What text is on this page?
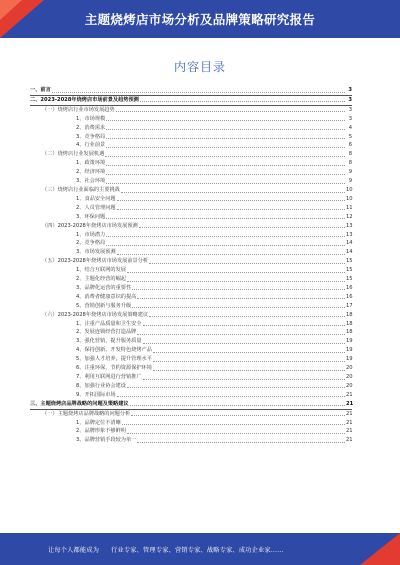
主题烧烤店市场分析及品牌策略研究报告
内容目录
一、前言	3
二、2023-2028年烧烤店市场前景及趋势预测	3
（一）烧烤店行业市场发展趋势	3
1、市场规模	3
2、消费需求	4
3、竞争格局	5
4、行业前景	6
（二）烧烤店行业发展机遇	8
1、政策环境	8
2、经济环境	9
3、社会环境	9
（三）烧烤店行业面临的主要挑战	10
1、食品安全问题	10
2、人员管理问题	11
3、环保问题	12
（四）2023-2028年烧烤店市场发展预测	13
1、市场潜力	13
2、竞争格局	14
3、市场发展预测	14
（五）2023-2028年烧烤店市场发展前景分析	15
1、结合互联网的发展	15
2、主题化经营的崛起	15
3、品牌化运营的重要性	16
4、消费者健康意识的提高	16
5、营销创新与服务升级	17
（六）2023-2028年烧烤店市场发展策略建议	18
1、注重产品质量和卫生安全	18
2、发展连锁经营打造品牌	18
3、强化营销，提升服务质量	19
4、保持创新，开发特色烧烤产品	19
5、加强人才培养，提升管理水平	19
6、注重环保，节约资源保护环境	20
7、利用互联网进行营销推广	20
8、加强行业协会建设	20
9、开拓国际市场	21
三、主题烧烤店品牌战略的问题及策略建议	21
（一）主题烧烤店品牌战略的问题分析	21
1、品牌定位不清晰	21
2、品牌形象不够鲜明	21
3、品牌营销手段较为单一	21
让每个人都能成为 行业专家、管理专家、营销专家、战略专家、成功企业家……
